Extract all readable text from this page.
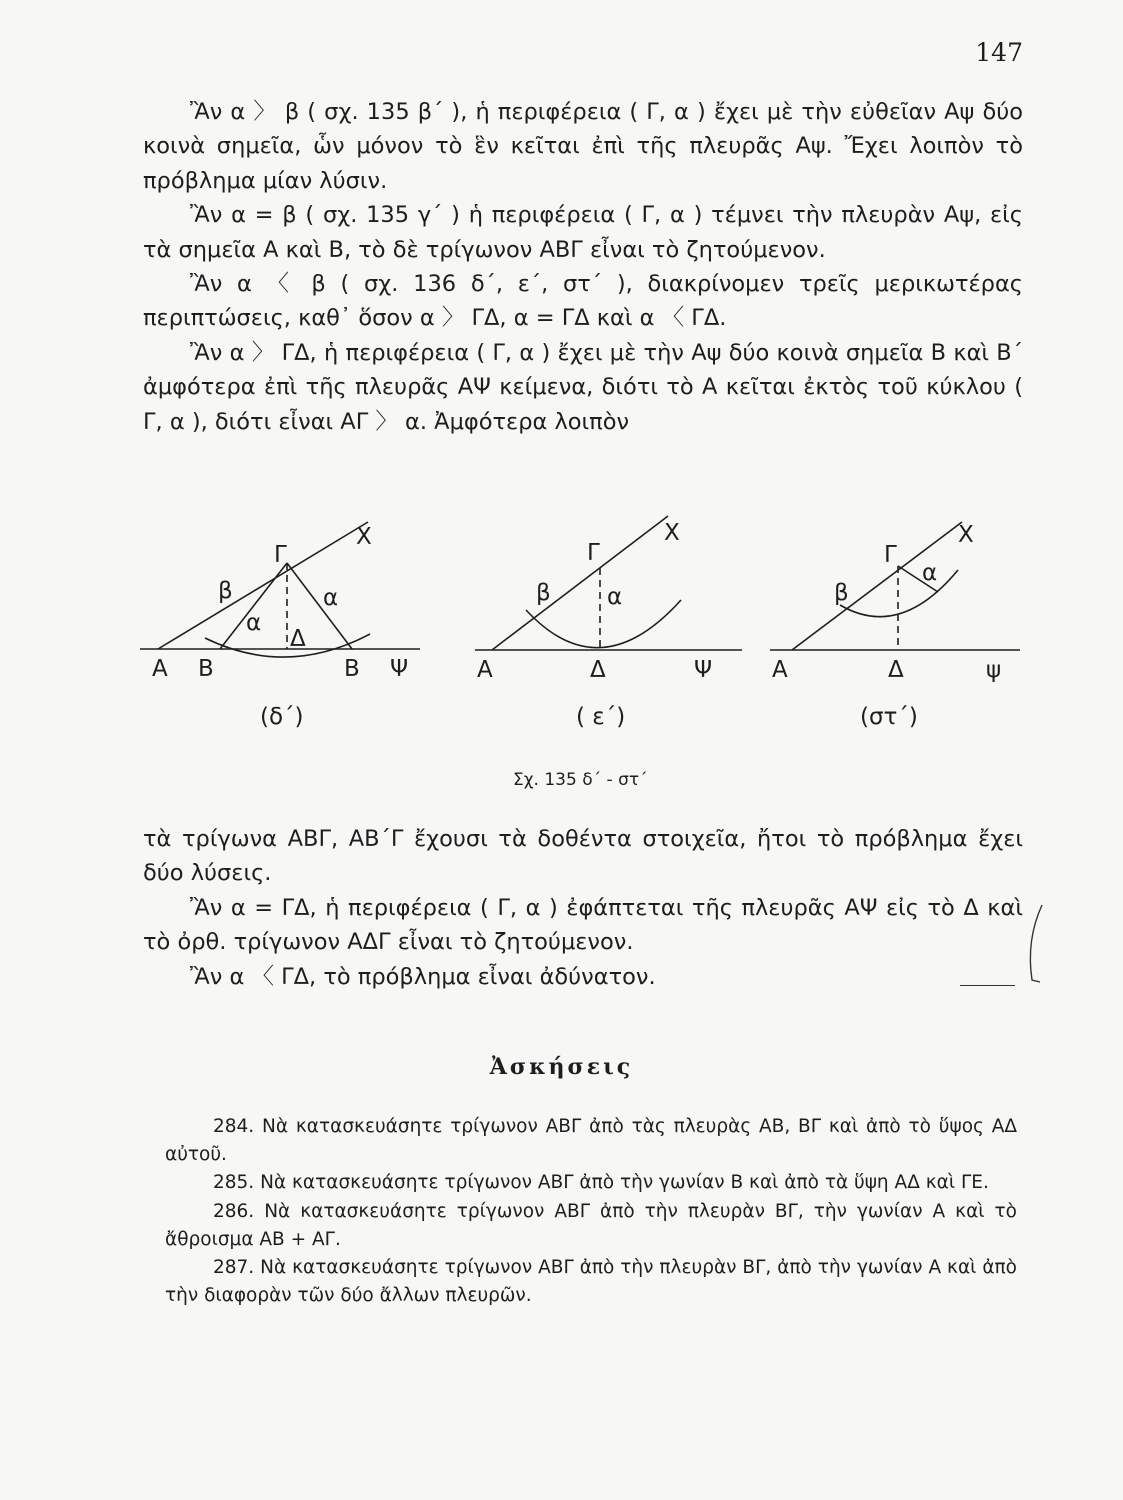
147

Ἂν α 〉 β ( σχ. 135 β΄ ), ἡ περιφέρεια ( Γ, α ) ἔχει μὲ τὴν εὐθεῖαν Αψ δύο κοινὰ σημεῖα, ὧν μόνον τὸ ἓν κεῖται ἐπὶ τῆς πλευρᾶς Αψ. Ἔχει λοιπὸν τὸ πρόβλημα μίαν λύσιν.

Ἂν α = β ( σχ. 135 γ΄ ) ἡ περιφέρεια ( Γ, α ) τέμνει τὴν πλευρὰν Αψ, εἰς τὰ σημεῖα Α καὶ Β, τὸ δὲ τρίγωνον ΑΒΓ εἶναι τὸ ζητούμενον.

Ἂν α 〈 β ( σχ. 136 δ΄, ε΄, στ΄ ), διακρίνομεν τρεῖς μερικωτέρας περιπτώσεις, καθ᾽ ὅσον α 〉 ΓΔ, α = ΓΔ καὶ α 〈 ΓΔ.

Ἂν α 〉 ΓΔ, ἡ περιφέρεια ( Γ, α ) ἔχει μὲ τὴν Αψ δύο κοινὰ σημεῖα Β καὶ Β΄ ἀμφότερα ἐπὶ τῆς πλευρᾶς ΑΨ κείμενα, διότι τὸ Α κεῖται ἐκτὸς τοῦ κύκλου ( Γ, α ), διότι εἶναι ΑΓ 〉 α. Ἀμφότερα λοιπὸν

Χ
Γ
β	α
α
Δ
Α Β	Β Ψ
(δ΄)
Χ
Γ
β α
Α	Δ	Ψ
( ε΄)
Χ
Γ
β
α
Α	Δ	ψ
(στ΄)
Σχ. 135 δ΄ - στ΄

τὰ τρίγωνα ΑΒΓ, ΑΒ΄Γ ἔχουσι τὰ δοθέντα στοιχεῖα, ἤτοι τὸ πρόβλημα ἔχει δύο λύσεις.

Ἂν α = ΓΔ, ἡ περιφέρεια ( Γ, α ) ἐφάπτεται τῆς πλευρᾶς ΑΨ εἰς τὸ Δ καὶ τὸ ὀρθ. τρίγωνον ΑΔΓ εἶναι τὸ ζητούμενον.

Ἂν α 〈 ΓΔ, τὸ πρόβλημα εἶναι ἀδύνατον.

Ἀσκήσεις

284. Νὰ κατασκευάσητε τρίγωνον ΑΒΓ ἀπὸ τὰς πλευρὰς ΑΒ, ΒΓ καὶ ἀπὸ τὸ ὕψος ΑΔ αὐτοῦ.

285. Νὰ κατασκευάσητε τρίγωνον ΑΒΓ ἀπὸ τὴν γωνίαν Β καὶ ἀπὸ τὰ ὕψη ΑΔ καὶ ΓΕ.

286. Νὰ κατασκευάσητε τρίγωνον ΑΒΓ ἀπὸ τὴν πλευρὰν ΒΓ, τὴν γωνίαν Α καὶ τὸ ἄθροισμα ΑΒ + ΑΓ.

287. Νὰ κατασκευάσητε τρίγωνον ΑΒΓ ἀπὸ τὴν πλευρὰν ΒΓ, ἀπὸ τὴν γωνίαν Α καὶ ἀπὸ τὴν διαφορὰν τῶν δύο ἄλλων πλευρῶν.
